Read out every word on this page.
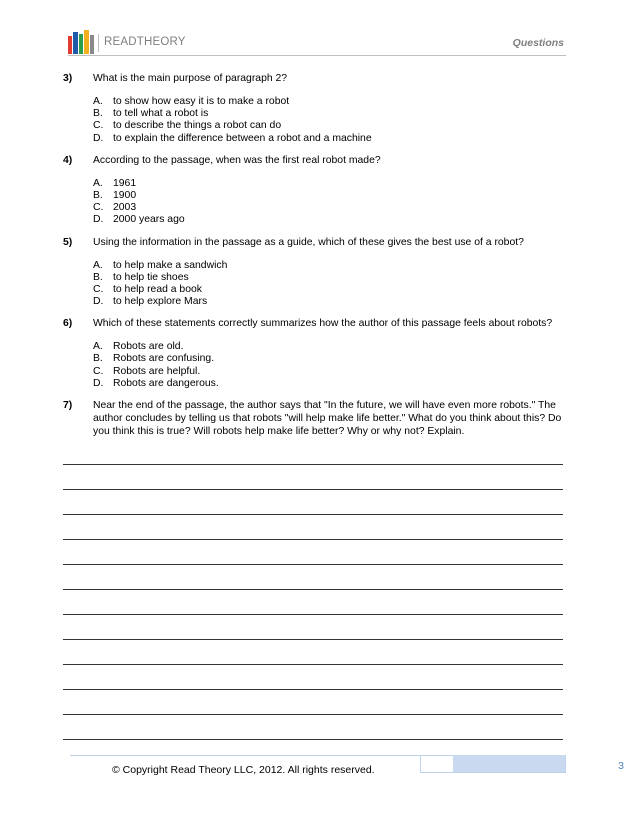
READTHEORY	Questions
3) What is the main purpose of paragraph 2?
A. to show how easy it is to make a robot
B. to tell what a robot is
C. to describe the things a robot can do
D. to explain the difference between a robot and a machine
4) According to the passage, when was the first real robot made?
A. 1961
B. 1900
C. 2003
D. 2000 years ago
5) Using the information in the passage as a guide, which of these gives the best use of a robot?
A. to help make a sandwich
B. to help tie shoes
C. to help read a book
D. to help explore Mars
6) Which of these statements correctly summarizes how the author of this passage feels about robots?
A. Robots are old.
B. Robots are confusing.
C. Robots are helpful.
D. Robots are dangerous.
7) Near the end of the passage, the author says that "In the future, we will have even more robots." The author concludes by telling us that robots "will help make life better." What do you think about this? Do you think this is true? Will robots help make life better? Why or why not? Explain.
3
© Copyright Read Theory LLC, 2012. All rights reserved.
